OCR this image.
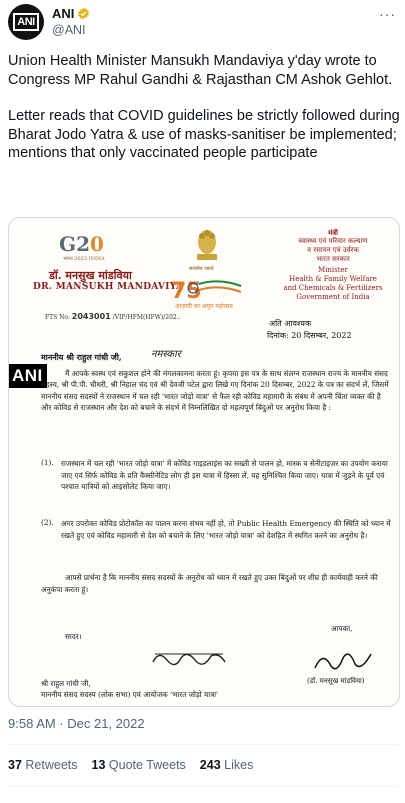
ANI
ANI
@ANI
···

Union Health Minister Mansukh Mandaviya y'day wrote to Congress MP Rahul Gandhi & Rajasthan CM Ashok Gehlot.

Letter reads that COVID guidelines be strictly followed during Bharat Jodo Yatra & use of masks-sanitiser be implemented; mentions that only vaccinated people participate

G20
भारत 2023 INDIA
डॉ. मनसुख मांडविया
DR. MANSUKH MANDAVIYA
सत्यमेव जयते
75
आज़ादी का अमृत महोत्सव
मंत्री
स्वास्थ्य एवं परिवार कल्याण
व रसायन एवं उर्वरक
भारत सरकार
Minister
Health & Family Welfare
and Chemicals & Fertilizers
Government of India
FTS No. 2043001 /VIP/HFM(HFW)/202..
अति आवश्यक
दिनांक: 20 दिसम्बर, 2022
माननीय श्री राहुल गांधी जी,	नमस्कार
ANI	मैं आपके स्वस्थ एवं सकुशल होने की मंगलकामना करता हूं। कृपया इस पत्र के साथ संलग्न राजस्थान राज्य के माननीय संसद सदस्य, श्री पी.पी. चौधरी, श्री निहाल चंद एवं श्री देवजी पटेल द्वारा लिखे गए दिनांक 20 दिसम्बर, 2022 के पत्र का संदर्भ लें, जिसमें माननीय संसद सदस्यों ने राजस्थान में चल रही 'भारत जोड़ो यात्रा' से फैल रही कोविड महामारी के संबंध में अपनी चिंता व्यक्त की है और कोविड से राजस्थान और देश को बचाने के संदर्भ में निम्नलिखित दो महत्वपूर्ण बिंदुओं पर अनुरोध किया है :
(1). राजस्थान में चल रही 'भारत जोड़ो यात्रा' में कोविड गाइडलाइंस का सख्ती से पालन हो, मास्क व सेनीटाइज़र का उपयोग कराया जाए एवं सिर्फ कोविड के प्रति वैक्सीनेटिड लोग ही इस यात्रा में हिस्सा लें, यह सुनिश्चित किया जाए। यात्रा में जुड़ने के पूर्व एवं पश्चात यात्रियों को आइसोलेट किया जाए।
(2). अगर उपरोक्त कोविड प्रोटोकॉल का पालन करना संभव नहीं हो, तो Public Health Emergency की स्थिति को ध्यान में रखते हुए एवं कोविड महामारी से देश को बचाने के लिए 'भारत जोड़ो यात्रा' को देशहित में स्थगित करने का अनुरोध है।
आपसे प्रार्थना है कि माननीय संसद सदस्यों के अनुरोध को ध्यान में रखते हुए उक्त बिंदुओं पर शीघ्र ही कार्यवाही करने की अनुकंपा करता हूं।
सादर।
आपका,
(डॉ. मनसुख मांडविया)
श्री राहुल गांधी जी,
माननीय संसद सदस्य (लोक सभा) एवं आयोजक 'भारत जोड़ो यात्रा'
9:58 AM · Dec 21, 2022
37 Retweets 13 Quote Tweets 243 Likes
